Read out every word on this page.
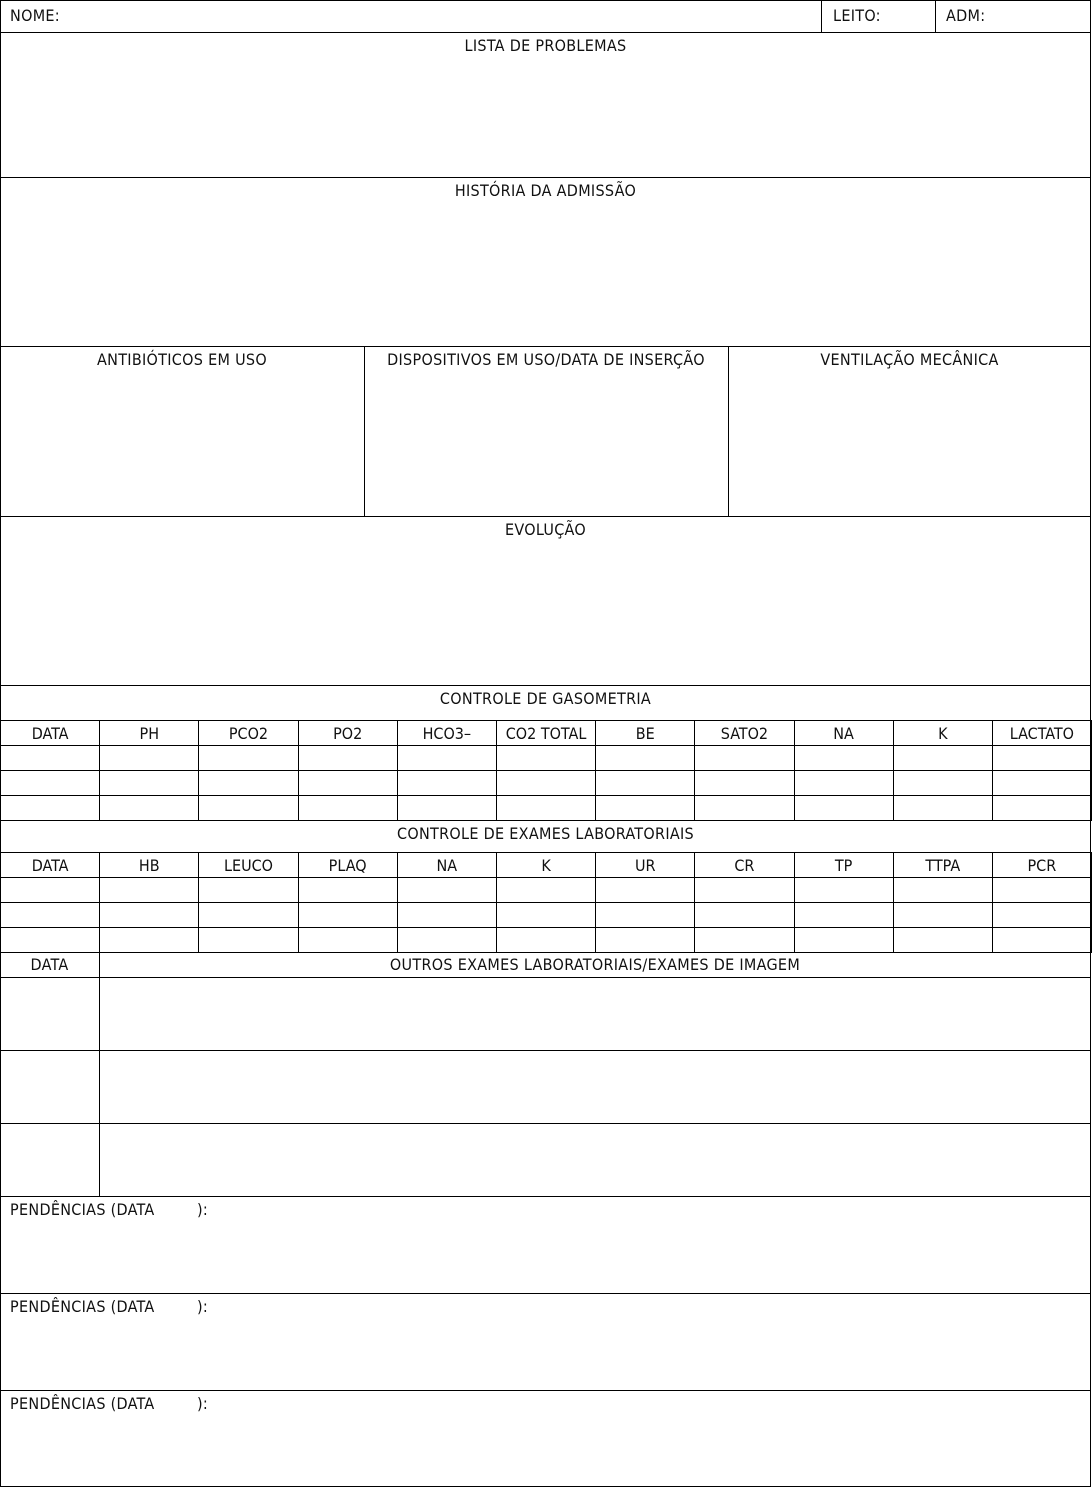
NOME:	LEITO:	ADM:
LISTA DE PROBLEMAS
HISTÓRIA DA ADMISSÃO
ANTIBIÓTICOS EM USO	DISPOSITIVOS EM USO/DATA DE INSERÇÃO	VENTILAÇÃO MECÂNICA
EVOLUÇÃO
CONTROLE DE GASOMETRIA
DATA	PH	PCO2	PO2	HCO3–	CO2 TOTAL	BE	SATO2	NA	K	LACTATO

CONTROLE DE EXAMES LABORATORIAIS
DATA	HB	LEUCO	PLAQ	NA	K	UR	CR	TP	TTPA	PCR

DATA	OUTROS EXAMES LABORATORIAIS/EXAMES DE IMAGEM
PENDÊNCIAS (DATA	):
PENDÊNCIAS (DATA	):
PENDÊNCIAS (DATA	):
